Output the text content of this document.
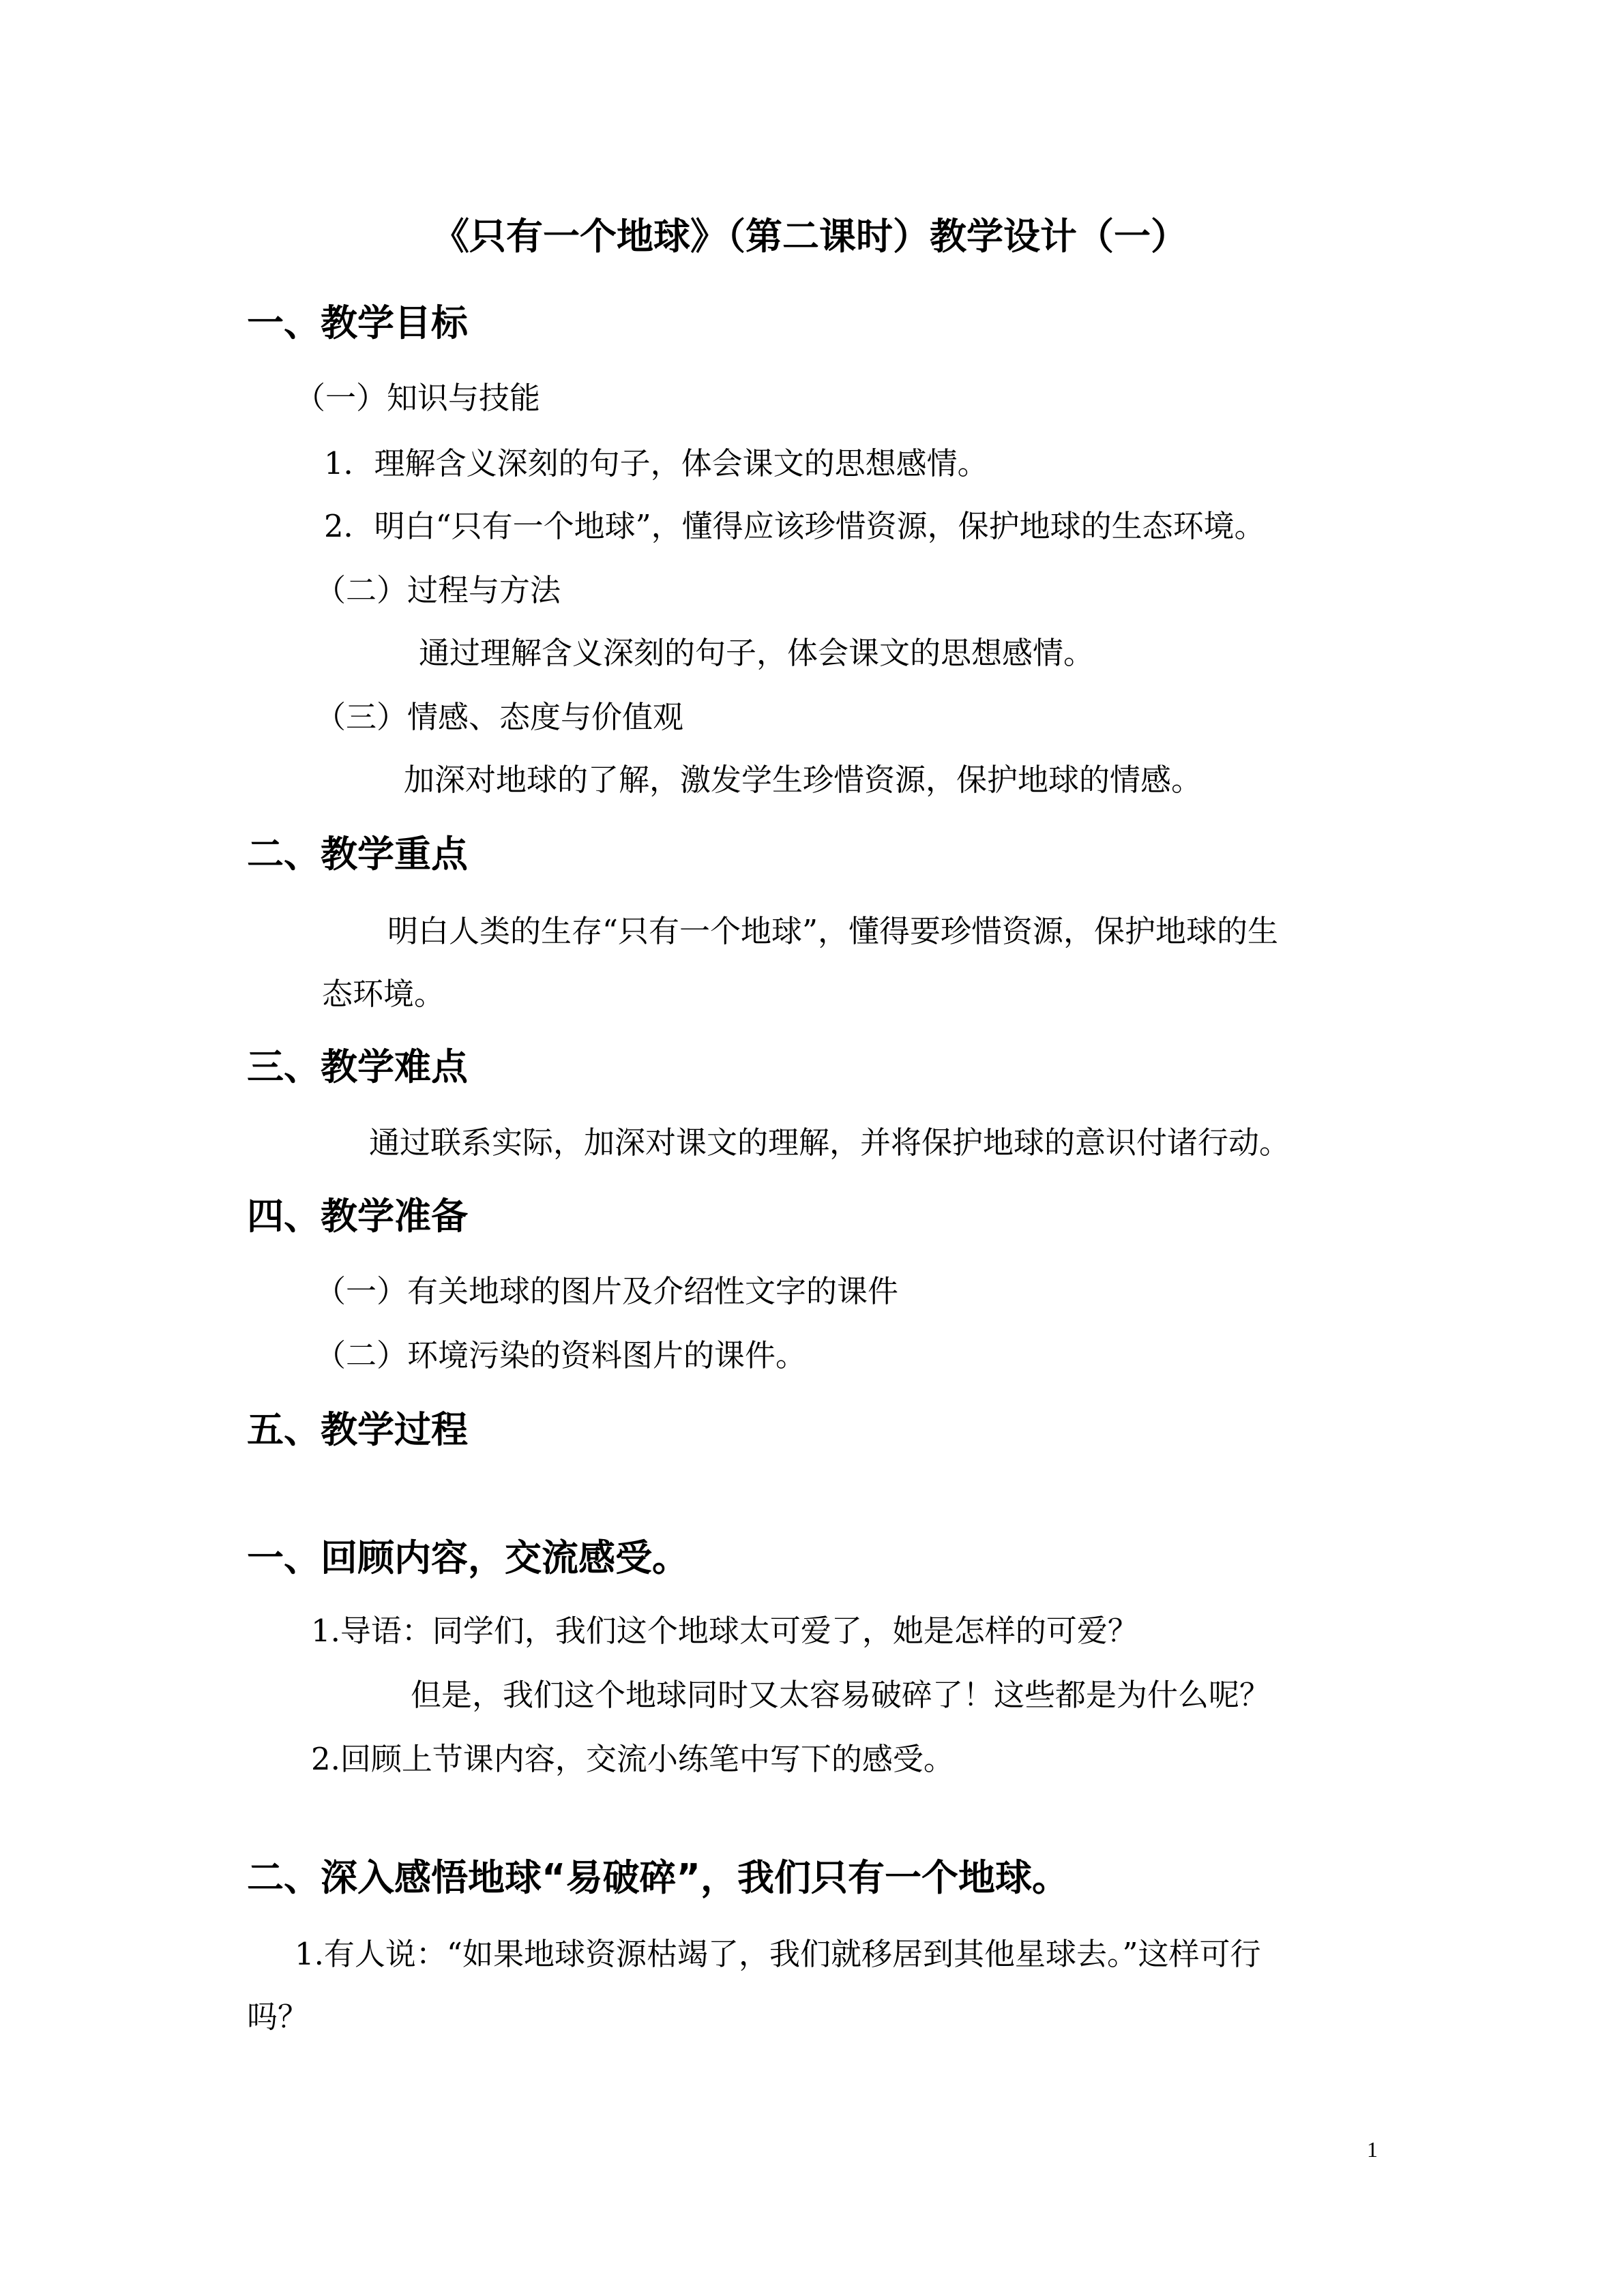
《只有一个地球》（第二课时）教学设计（一）
一、教学目标
（一）知识与技能
1．理解含义深刻的句子，体会课文的思想感情。
2．明白“只有一个地球”，懂得应该珍惜资源，保护地球的生态环境。
（二）过程与方法
通过理解含义深刻的句子，体会课文的思想感情。
（三）情感、态度与价值观
加深对地球的了解，激发学生珍惜资源，保护地球的情感。
二、教学重点
明白人类的生存“只有一个地球”，懂得要珍惜资源，保护地球的生
态环境。
三、教学难点
通过联系实际，加深对课文的理解，并将保护地球的意识付诸行动。
四、教学准备
（一）有关地球的图片及介绍性文字的课件
（二）环境污染的资料图片的课件。
五、教学过程
一、回顾内容，交流感受。
1.导语：同学们，我们这个地球太可爱了，她是怎样的可爱？
但是，我们这个地球同时又太容易破碎了！这些都是为什么呢？
2.回顾上节课内容，交流小练笔中写下的感受。
二、深入感悟地球“易破碎”，我们只有一个地球。
1.有人说：“如果地球资源枯竭了，我们就移居到其他星球去。”这样可行
吗？
1
